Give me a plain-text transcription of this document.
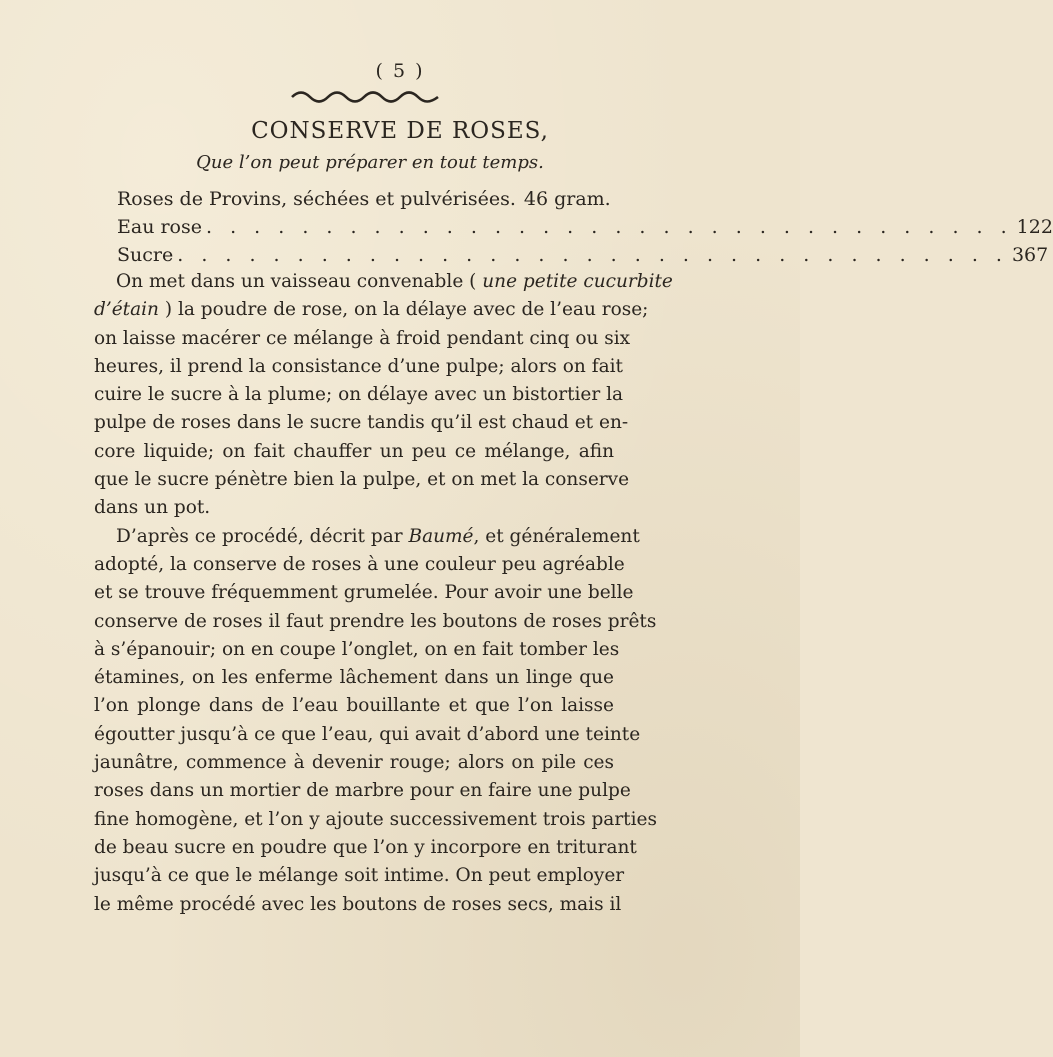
( 5 )
CONSERVE DE ROSES,
Que l’on peut préparer en tout temps.
Roses de Provins, séchées et pulvérisées. 46 gram.
Eau rose . . . . . . . . . . . . . . . . . . . . . . . . . . . . . . . . . . 122
Sucre . . . . . . . . . . . . . . . . . . . . . . . . . . . . . . . . . . . 367
On met dans un vaisseau convenable ( une petite cucurbite
d’étain ) la poudre de rose, on la délaye avec de l’eau rose;
on laisse macérer ce mélange à froid pendant cinq ou six
heures, il prend la consistance d’une pulpe; alors on fait
cuire le sucre à la plume; on délaye avec un bistortier la
pulpe de roses dans le sucre tandis qu’il est chaud et en-
core liquide; on fait chauffer un peu ce mélange, afin
que le sucre pénètre bien la pulpe, et on met la conserve
dans un pot.
D’après ce procédé, décrit par Baumé, et généralement
adopté, la conserve de roses à une couleur peu agréable
et se trouve fréquemment grumelée. Pour avoir une belle
conserve de roses il faut prendre les boutons de roses prêts
à s’épanouir; on en coupe l’onglet, on en fait tomber les
étamines, on les enferme lâchement dans un linge que
l’on plonge dans de l’eau bouillante et que l’on laisse
égoutter jusqu’à ce que l’eau, qui avait d’abord une teinte
jaunâtre, commence à devenir rouge; alors on pile ces
roses dans un mortier de marbre pour en faire une pulpe
fine homogène, et l’on y ajoute successivement trois parties
de beau sucre en poudre que l’on y incorpore en triturant
jusqu’à ce que le mélange soit intime. On peut employer
le même procédé avec les boutons de roses secs, mais il
